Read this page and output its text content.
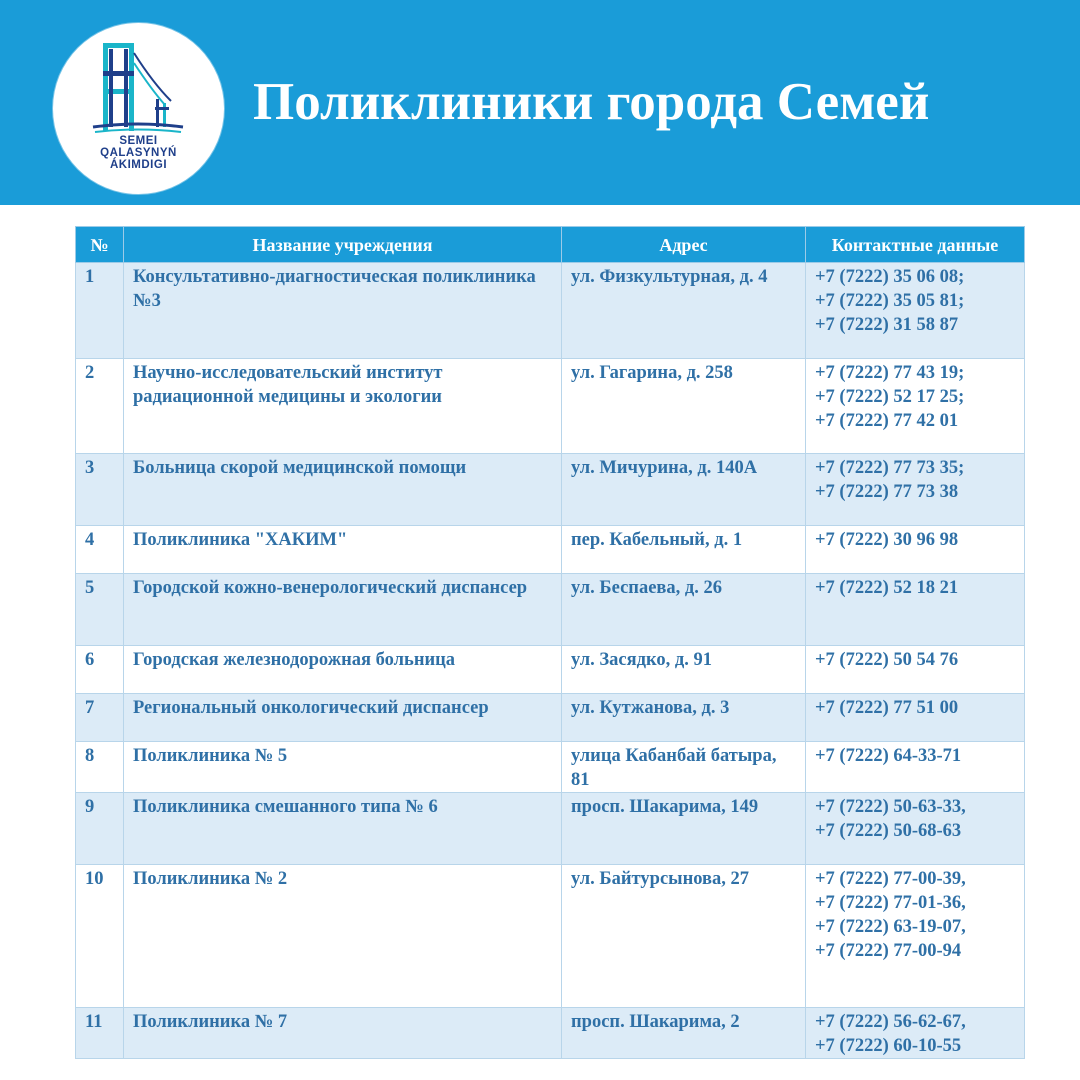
SEMEI
QALASYNYŃ
ÁKIMDIGI
Поликлиники города Семей
№	Название учреждения	Адрес	Контактные данные
1	Консультативно-диагностическая поликлиника №3	ул. Физкультурная, д. 4	+7 (7222) 35 06 08;
+7 (7222) 35 05 81;
+7 (7222) 31 58 87
2	Научно-исследовательский институт радиационной медицины и экологии	ул. Гагарина, д. 258	+7 (7222) 77 43 19;
+7 (7222) 52 17 25;
+7 (7222) 77 42 01
3	Больница скорой медицинской помощи	ул. Мичурина, д. 140А	+7 (7222) 77 73 35;
+7 (7222) 77 73 38
4	Поликлиника "ХАКИМ"	пер. Кабельный, д. 1	+7 (7222) 30 96 98
5	Городской кожно-венерологический диспансер	ул. Беспаева, д. 26	+7 (7222) 52 18 21
6	Городская железнодорожная больница	ул. Засядко, д. 91	+7 (7222) 50 54 76
7	Региональный онкологический диспансер	ул. Кутжанова, д. 3	+7 (7222) 77 51 00
8	Поликлиника № 5	улица Кабанбай батыра, 81	+7 (7222) 64-33-71
9	Поликлиника смешанного типа № 6	просп. Шакарима, 149	+7 (7222) 50-63-33,
+7 (7222) 50-68-63
10	Поликлиника № 2	ул. Байтурсынова, 27	+7 (7222) 77-00-39,
+7 (7222) 77-01-36,
+7 (7222) 63-19-07,
+7 (7222) 77-00-94
11	Поликлиника № 7	просп. Шакарима, 2	+7 (7222) 56-62-67,
+7 (7222) 60-10-55
